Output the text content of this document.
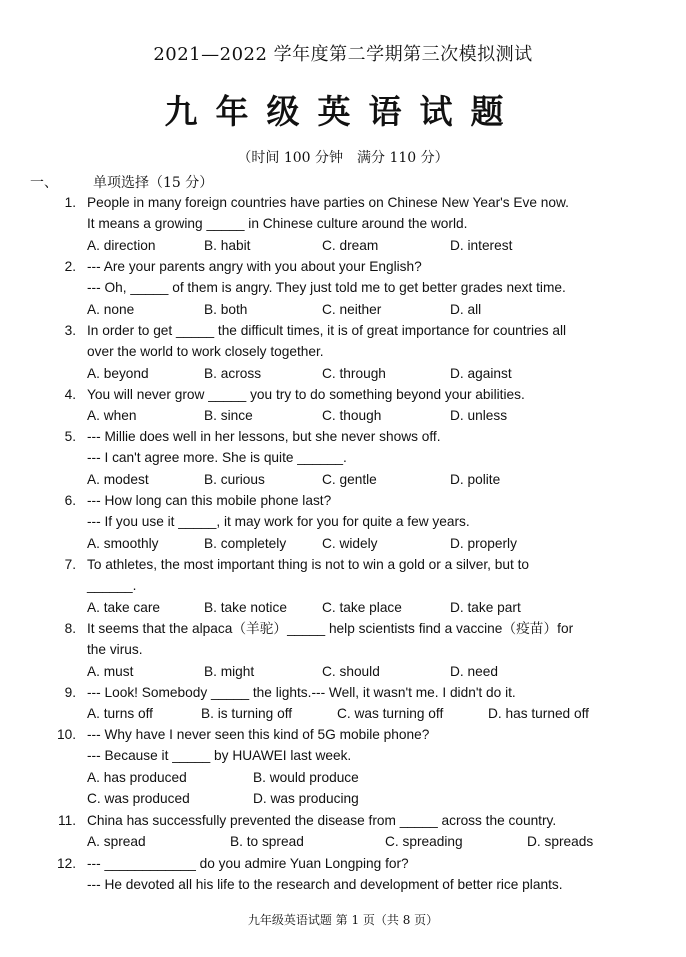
2021—2022 学年度第二学期第三次模拟测试
九年级英语试题
（时间 100 分钟　满分 110 分）
一、	单项选择（15 分）
1. People in many foreign countries have parties on Chinese New Year's Eve now.
It means a growing _____ in Chinese culture around the world.
A. direction	B. habit	C. dream	D. interest
2. --- Are your parents angry with you about your English?
--- Oh, _____ of them is angry. They just told me to get better grades next time.
A. none	B. both	C. neither	D. all
3. In order to get _____ the difficult times, it is of great importance for countries all
over the world to work closely together.
A. beyond	B. across	C. through	D. against
4. You will never grow _____ you try to do something beyond your abilities.
A. when	B. since	C. though	D. unless
5. --- Millie does well in her lessons, but she never shows off.
--- I can't agree more. She is quite ______.
A. modest	B. curious	C. gentle	D. polite
6. --- How long can this mobile phone last?
--- If you use it _____, it may work for you for quite a few years.
A. smoothly	B. completely	C. widely	D. properly
7. To athletes, the most important thing is not to win a gold or a silver, but to
______.
A. take care	B. take notice	C. take place	D. take part
8. It seems that the alpaca（羊驼）_____ help scientists find a vaccine（疫苗）for
the virus.
A. must	B. might	C. should	D. need
9. --- Look! Somebody _____ the lights.--- Well, it wasn't me. I didn't do it.
A. turns off	B. is turning off	C. was turning off	D. has turned off
10. --- Why have I never seen this kind of 5G mobile phone?
--- Because it _____ by HUAWEI last week.
A. has produced	B. would produce
C. was produced	D. was producing
11. China has successfully prevented the disease from _____ across the country.
A. spread	B. to spread	C. spreading	D. spreads
12. --- ____________ do you admire Yuan Longping for?
--- He devoted all his life to the research and development of better rice plants.
九年级英语试题 第 1 页（共 8 页）
